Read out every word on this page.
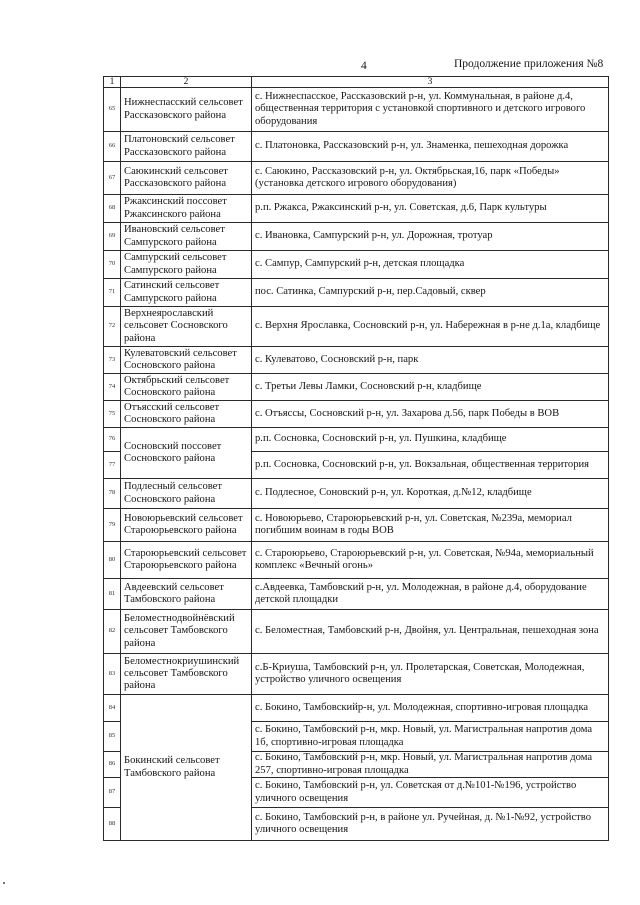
4	Продолжение приложения №8
1	2	3
65	Нижнеспасский сельсовет Рассказовского района	с. Нижнеспасское, Рассказовский р-н, ул. Коммунальная, в районе д.4, общественная территория с установкой спортивного и детского игрового оборудования
66	Платоновский сельсовет Рассказовского района	с. Платоновка, Рассказовский р-н, ул. Знаменка, пешеходная дорожка
67	Саюкинский сельсовет Рассказовского района	с. Саюкино, Рассказовский р-н, ул. Октябрьская,16, парк «Победы» (установка детского игрового оборудования)
68	Ржаксинский поссовет Ржаксинского района	р.п. Ржакса, Ржаксинский р-н, ул. Советская, д.6, Парк культуры
69	Ивановский сельсовет Сампурского района	с. Ивановка, Сампурский р-н, ул. Дорожная, тротуар
70	Сампурский сельсовет Сампурского района	с. Сампур, Сампурский р-н, детская площадка
71	Сатинский сельсовет Сампурского района	пос. Сатинка, Сампурский р-н, пер.Садовый, сквер
72	Верхнеярославский сельсовет Сосновского района	с. Верхня Ярославка, Сосновский р-н, ул. Набережная в р-не д.1а, кладбище
73	Кулеватовский сельсовет Сосновского района	с. Кулеватово, Сосновский р-н, парк
74	Октябрьский сельсовет Сосновского района	с. Третьи Левы Ламки, Сосновский р-н, кладбище
75	Отъясский сельсовет Сосновского района	с. Отъяссы, Сосновский р-н, ул. Захарова д.56, парк Победы в ВОВ
76	Сосновский поссовет Сосновского района	р.п. Сосновка, Сосновский р-н, ул. Пушкина, кладбище
77		р.п. Сосновка, Сосновский р-н, ул. Вокзальная, общественная территория
78	Подлесный сельсовет Сосновского района	с. Подлесное, Соновский р-н, ул. Короткая, д.№12, кладбище
79	Новоюрьевский сельсовет Староюрьевского района	с. Новоюрьево, Староюрьевский р-н, ул. Советская, №239а, мемориал погибшим воинам в годы ВОВ
80	Староюрьевский сельсовет Староюрьевского района	с. Староюрьево, Староюрьевский р-н, ул. Советская, №94а, мемориальный комплекс «Вечный огонь»
81	Авдеевский сельсовет Тамбовского района	с.Авдеевка, Тамбовский р-н, ул. Молодежная, в районе д.4, оборудование детской площадки
82	Беломестнодвойнёвский сельсовет Тамбовского района	с. Беломестная, Тамбовский р-н, Двойня, ул. Центральная, пешеходная зона
83	Беломестнокриушинский сельсовет Тамбовского района	с.Б-Криуша, Тамбовский р-н, ул. Пролетарская, Советская, Молодежная, устройство уличного освещения
84	Бокинский сельсовет Тамбовского района	с. Бокино, Тамбовскийр-н, ул. Молодежная, спортивно-игровая площадка
85		с. Бокино, Тамбовский р-н, мкр. Новый, ул. Магистральная напротив дома 1б, спортивно-игровая площадка
86		с. Бокино, Тамбовский р-н, мкр. Новый, ул. Магистральная напротив дома 257, спортивно-игровая площадка
87		с. Бокино, Тамбовский р-н, ул. Советская от д.№101-№196, устройство уличного освещения
88		с. Бокино, Тамбовский р-н, в районе ул. Ручейная, д. №1-№92, устройство уличного освещения
